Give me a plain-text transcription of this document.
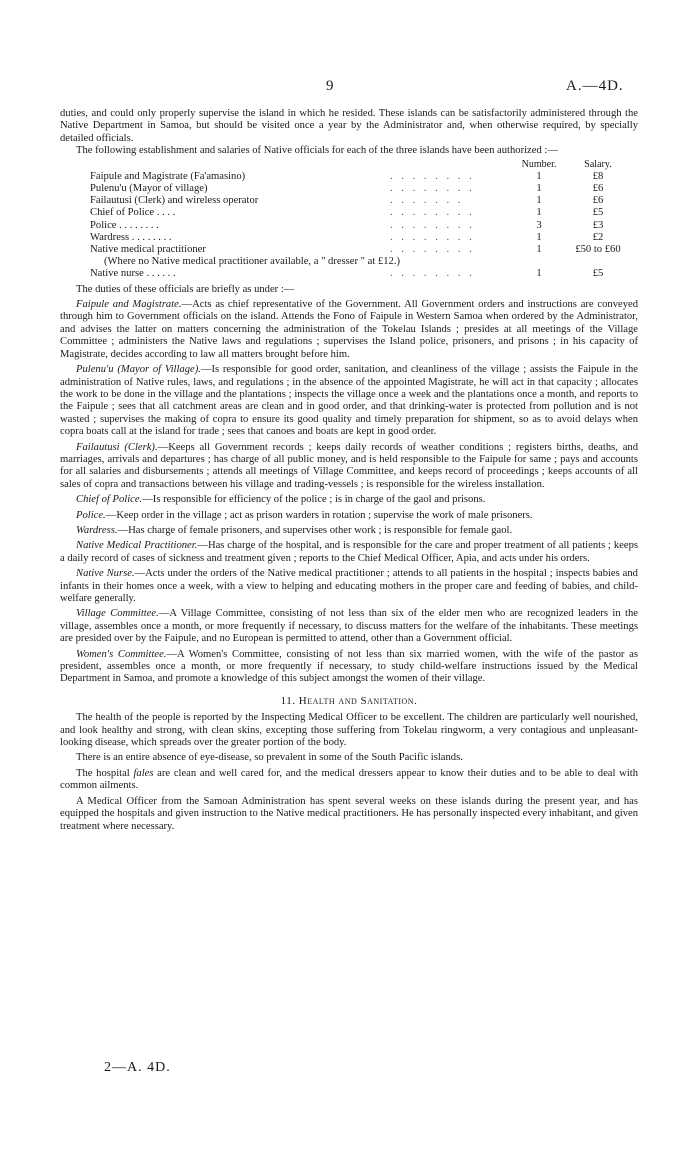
9	A.—4D.

duties, and could only properly supervise the island in which he resided. These islands can be satisfactorily administered through the Native Department in Samoa, but should be visited once a year by the Administrator and, when otherwise required, by specially detailed officials.

The following establishment and salaries of Native officials for each of the three islands have been authorized :—

		Number.	Salary.
Faipule and Magistrate (Fa'amasino)	. . . . . . . .	1	£8
Pulenu'u (Mayor of village)	. . . . . . . .	1	£6
Failautusi (Clerk) and wireless operator	. . . . . . .	1	£6
Chief of Police . . . .	. . . . . . . .	1	£5
Police . . . . . . . .	. . . . . . . .	3	£3
Wardress . . . . . . . .	. . . . . . . .	1	£2
Native medical practitioner	. . . . . . . .	1	£50 to £60
(Where no Native medical practitioner available, a " dresser " at £12.)			
Native nurse . . . . . .	. . . . . . . .	1	£5

The duties of these officials are briefly as under :—

Faipule and Magistrate.—Acts as chief representative of the Government. All Government orders and instructions are conveyed through him to Government officials on the island. Attends the Fono of Faipule in Western Samoa when ordered by the Administrator, and advises the latter on matters concerning the administration of the Tokelau Islands ; presides at all meetings of the Village Committee ; administers the Native laws and regulations ; supervises the Island police, prisoners, and prisons ; in his capacity of Magistrate, decides according to law all matters brought before him.

Pulenu'u (Mayor of Village).—Is responsible for good order, sanitation, and cleanliness of the village ; assists the Faipule in the administration of Native rules, laws, and regulations ; in the absence of the appointed Magistrate, he will act in that capacity ; allocates the work to be done in the village and the plantations ; inspects the village once a week and the plantations once a month, and reports to the Faipule ; sees that all catchment areas are clean and in good order, and that drinking-water is protected from pollution and is not wasted ; supervises the making of copra to ensure its good quality and timely preparation for shipment, so as to avoid delays when copra boats call at the island for trade ; sees that canoes and boats are kept in good order.

Failautusi (Clerk).—Keeps all Government records ; keeps daily records of weather conditions ; registers births, deaths, and marriages, arrivals and departures ; has charge of all public money, and is held responsible to the Faipule for same ; pays and accounts for all salaries and disbursements ; attends all meetings of Village Committee, and keeps record of proceedings ; keeps accounts of all sales of copra and transactions between his village and trading-vessels ; is responsible for the wireless installation.

Chief of Police.—Is responsible for efficiency of the police ; is in charge of the gaol and prisons.

Police.—Keep order in the village ; act as prison warders in rotation ; supervise the work of male prisoners.

Wardress.—Has charge of female prisoners, and supervises other work ; is responsible for female gaol.

Native Medical Practitioner.—Has charge of the hospital, and is responsible for the care and proper treatment of all patients ; keeps a daily record of cases of sickness and treatment given ; reports to the Chief Medical Officer, Apia, and acts under his orders.

Native Nurse.—Acts under the orders of the Native medical practitioner ; attends to all patients in the hospital ; inspects babies and infants in their homes once a week, with a view to helping and educating mothers in the proper care and feeding of babies, and child-welfare generally.

Village Committee.—A Village Committee, consisting of not less than six of the elder men who are recognized leaders in the village, assembles once a month, or more frequently if necessary, to discuss matters for the welfare of the inhabitants. These meetings are presided over by the Faipule, and no European is permitted to attend, other than a Government official.

Women's Committee.—A Women's Committee, consisting of not less than six married women, with the wife of the pastor as president, assembles once a month, or more frequently if necessary, to study child-welfare instructions issued by the Medical Department in Samoa, and promote a knowledge of this subject amongst the women of their village.

11. Health and Sanitation.

The health of the people is reported by the Inspecting Medical Officer to be excellent. The children are particularly well nourished, and look healthy and strong, with clean skins, excepting those suffering from Tokelau ringworm, a very contagious and unpleasant-looking disease, which spreads over the greater portion of the body.

There is an entire absence of eye-disease, so prevalent in some of the South Pacific islands.

The hospital fales are clean and well cared for, and the medical dressers appear to know their duties and to be able to deal with common ailments.

A Medical Officer from the Samoan Administration has spent several weeks on these islands during the present year, and has equipped the hospitals and given instruction to the Native medical practitioners. He has personally inspected every inhabitant, and given treatment where necessary.

2—A. 4D.
